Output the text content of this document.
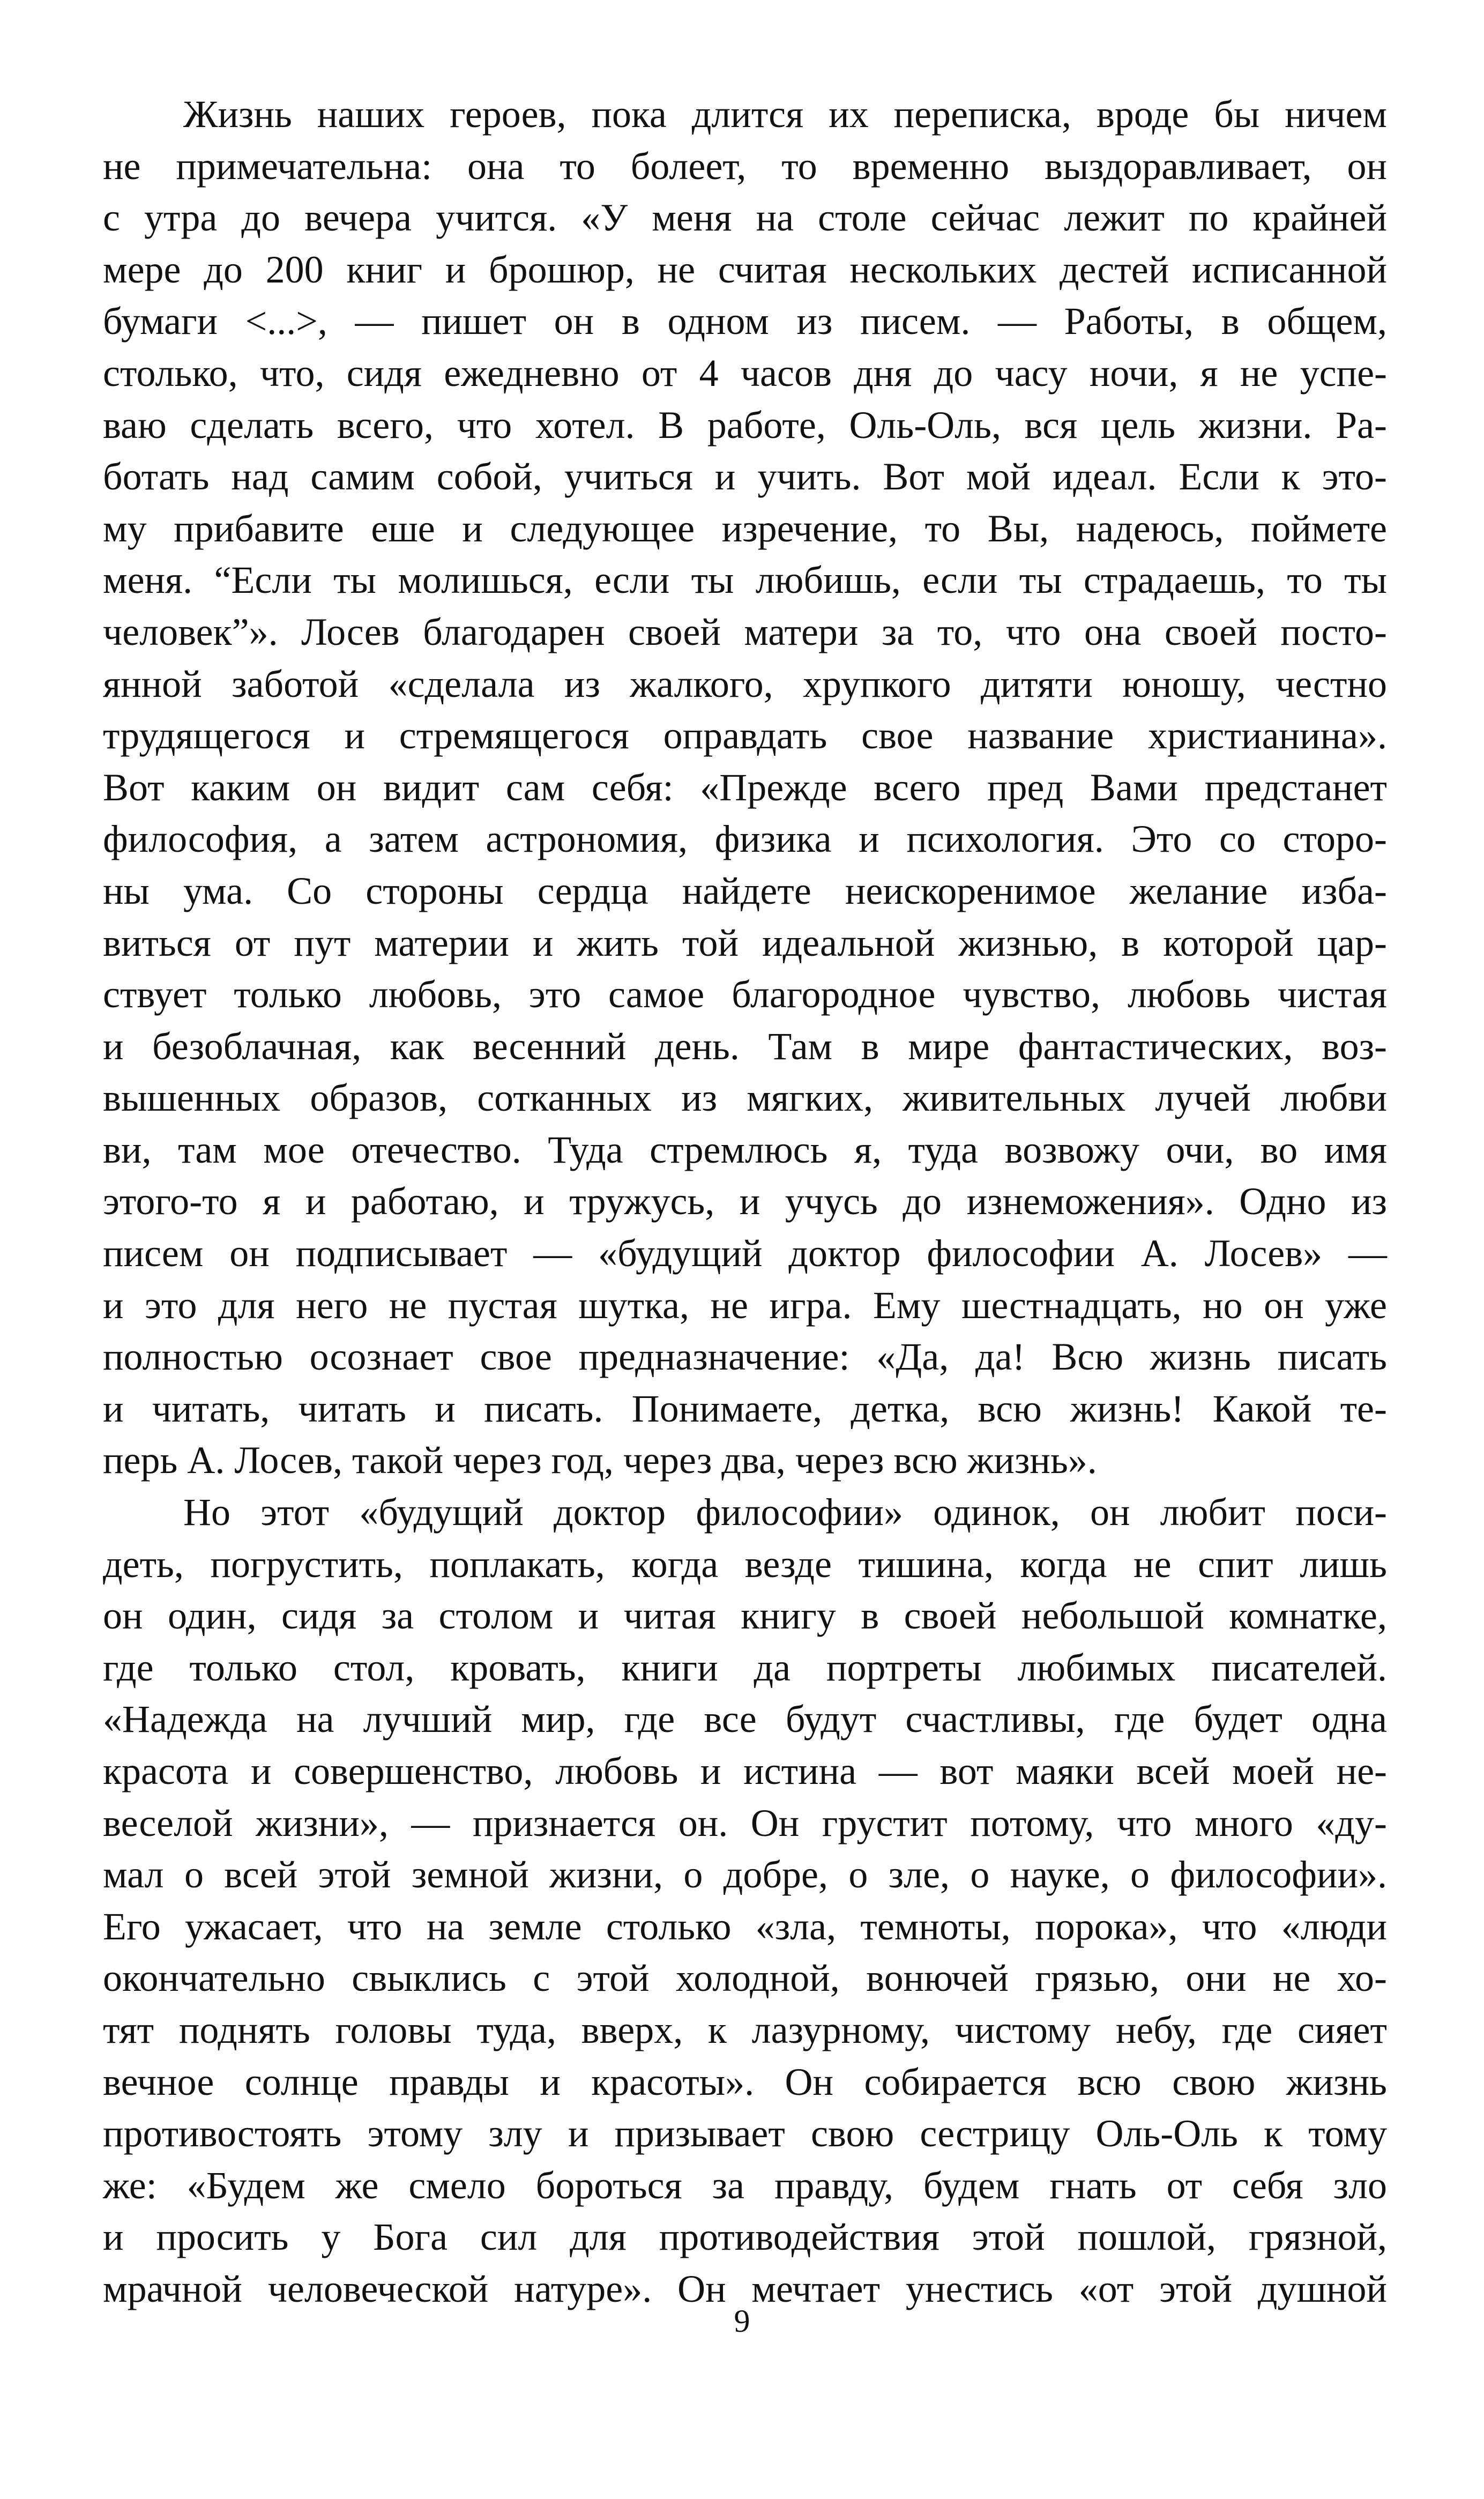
Жизнь наших героев, пока длится их переписка, вроде бы ничем
не примечательна: она то болеет, то временно выздоравливает, он
с утра до вечера учится. «У меня на столе сейчас лежит по крайней
мере до 200 книг и брошюр, не считая нескольких дестей исписанной
бумаги <...>, — пишет он в одном из писем. — Работы, в общем,
столько, что, сидя ежедневно от 4 часов дня до часу ночи, я не успе-
ваю сделать всего, что хотел. В работе, Оль-Оль, вся цель жизни. Ра-
ботать над самим собой, учиться и учить. Вот мой идеал. Если к это-
му прибавите еше и следующее изречение, то Вы, надеюсь, поймете
меня. “Если ты молишься, если ты любишь, если ты страдаешь, то ты
человек”». Лосев благодарен своей матери за то, что она своей посто-
янной заботой «сделала из жалкого, хрупкого дитяти юношу, честно
трудящегося и стремящегося оправдать свое название христианина».
Вот каким он видит сам себя: «Прежде всего пред Вами предстанет
философия, а затем астрономия, физика и психология. Это со сторо-
ны ума. Со стороны сердца найдете неискоренимое желание изба-
виться от пут материи и жить той идеальной жизнью, в которой цар-
ствует только любовь, это самое благородное чувство, любовь чистая
и безоблачная, как весенний день. Там в мире фантастических, воз-
вышенных образов, сотканных из мягких, живительных лучей любви
ви, там мое отечество. Туда стремлюсь я, туда возвожу очи, во имя
этого-то я и работаю, и тружусь, и учусь до изнеможения». Одно из
писем он подписывает — «будущий доктор философии А. Лосев» —
и это для него не пустая шутка, не игра. Ему шестнадцать, но он уже
полностью осознает свое предназначение: «Да, да! Всю жизнь писать
и читать, читать и писать. Понимаете, детка, всю жизнь! Какой те-
перь А. Лосев, такой через год, через два, через всю жизнь».
Но этот «будущий доктор философии» одинок, он любит поси-
деть, погрустить, поплакать, когда везде тишина, когда не спит лишь
он один, сидя за столом и читая книгу в своей небольшой комнатке,
где только стол, кровать, книги да портреты любимых писателей.
«Надежда на лучший мир, где все будут счастливы, где будет одна
красота и совершенство, любовь и истина — вот маяки всей моей не-
веселой жизни», — признается он. Он грустит потому, что много «ду-
мал о всей этой земной жизни, о добре, о зле, о науке, о философии».
Его ужасает, что на земле столько «зла, темноты, порока», что «люди
окончательно свыклись с этой холодной, вонючей грязью, они не хо-
тят поднять головы туда, вверх, к лазурному, чистому небу, где сияет
вечное солнце правды и красоты». Он собирается всю свою жизнь
противостоять этому злу и призывает свою сестрицу Оль-Оль к тому
же: «Будем же смело бороться за правду, будем гнать от себя зло
и просить у Бога сил для противодействия этой пошлой, грязной,
мрачной человеческой натуре». Он мечтает унестись «от этой душной
9
